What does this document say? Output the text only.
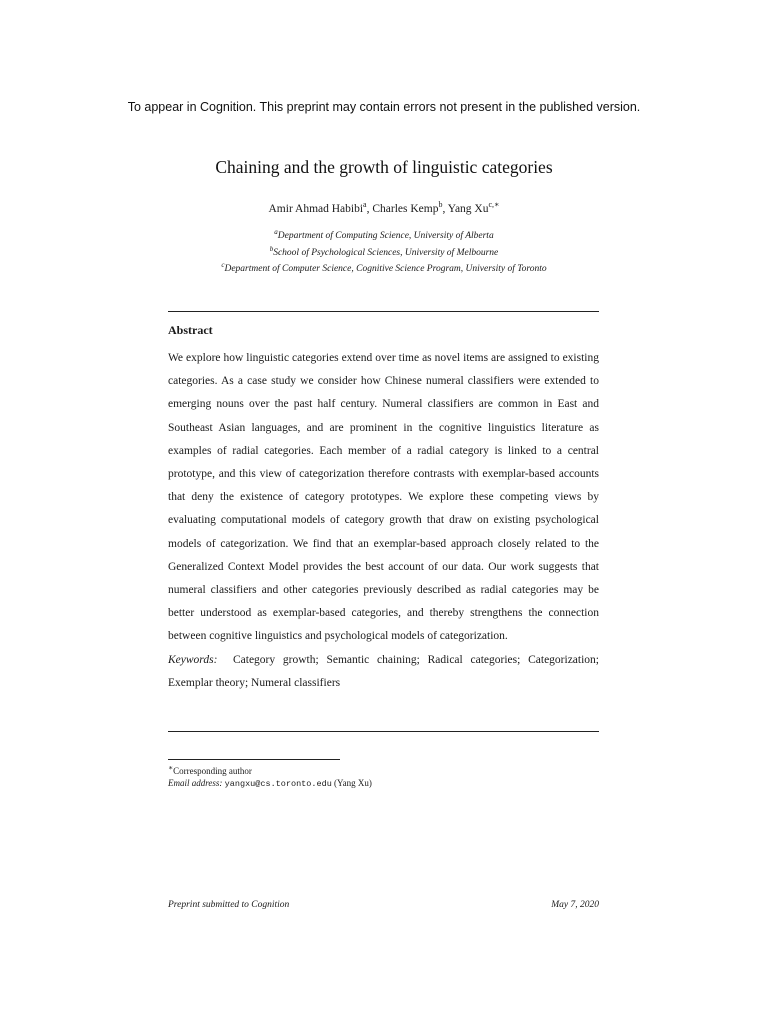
To appear in Cognition. This preprint may contain errors not present in the published version.
Chaining and the growth of linguistic categories
Amir Ahmad Habibi$^a$, Charles Kemp$^b$, Yang $Xu^{c,∗}$
$^a$Department of Computing Science, University of Alberta
$^b$School of Psychological Sciences, University of Melbourne
$^c$Department of Computer Science, Cognitive Science Program, University of Toronto
Abstract

We explore how linguistic categories extend over time as novel items are assigned to existing categories. As a case study we consider how Chinese numeral classifiers were extended to emerging nouns over the past half century. Numeral classifiers are common in East and Southeast Asian languages, and are prominent in the cognitive linguistics literature as examples of radial categories. Each member of a radial category is linked to a central prototype, and this view of categorization therefore contrasts with exemplar-based accounts that deny the existence of category prototypes. We explore these competing views by evaluating computational models of category growth that draw on existing psychological models of categorization. We find that an exemplar-based approach closely related to the Generalized Context Model provides the best account of our data. Our work suggests that numeral classifiers and other categories previously described as radial categories may be better understood as exemplar-based categories, and thereby strengthens the connection between cognitive linguistics and psychological models of categorization.

Keywords: Category growth; Semantic chaining; Radical categories; Categorization; Exemplar theory; Numeral classifiers

∗Corresponding author
Email address: yangxu@cs.toronto.edu (Yang Xu)
Preprint submitted to Cognition	May 7, 2020
